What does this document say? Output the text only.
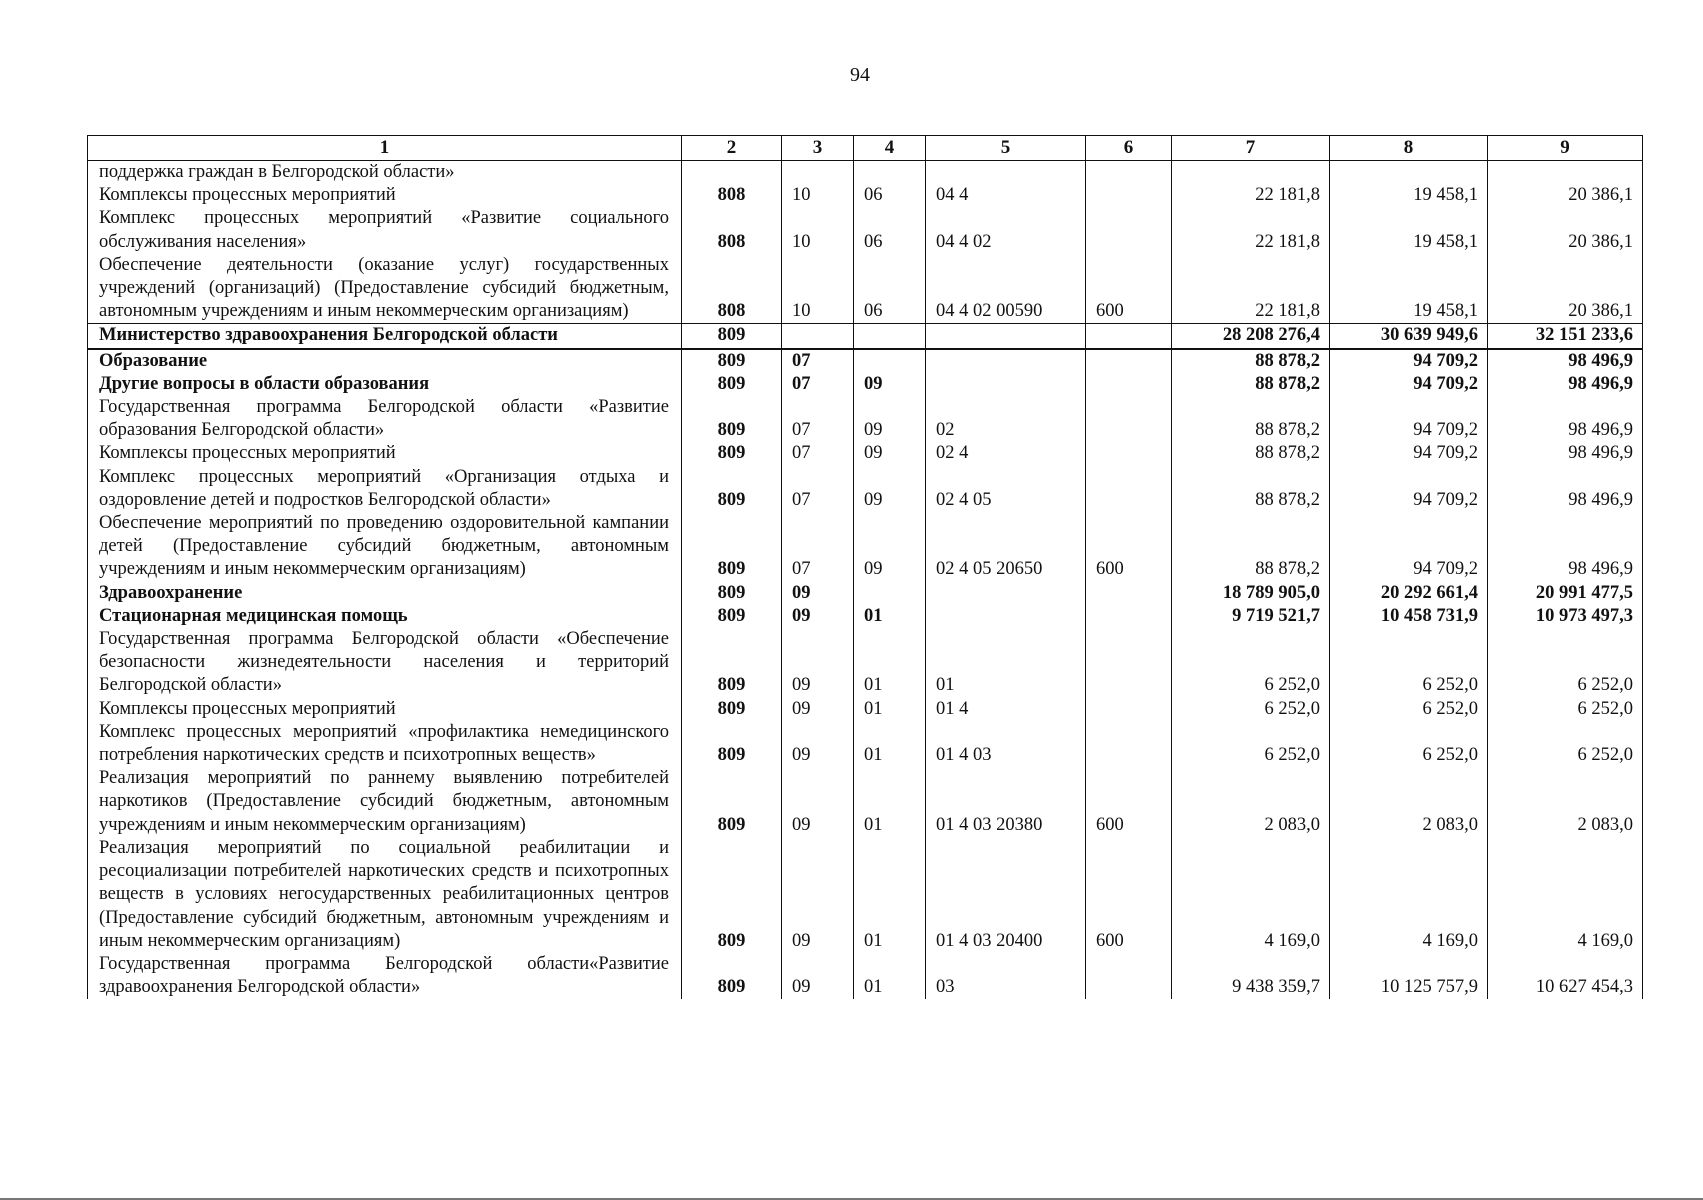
94
1	2	3	4	5	6	7	8	9
поддержка граждан в Белгородской области»								
Комплексы процессных мероприятий	808	10	06	04 4		22 181,8	19 458,1	20 386,1
Комплекс процессных мероприятий «Развитие социального обслуживания населения»	808	10	06	04 4 02		22 181,8	19 458,1	20 386,1
Обеспечение деятельности (оказание услуг) государственных учреждений (организаций) (Предоставление субсидий бюджетным, автономным учреждениям и иным некоммерческим организациям)	808	10	06	04 4 02 00590	600	22 181,8	19 458,1	20 386,1
Министерство здравоохранения Белгородской области	809					28 208 276,4	30 639 949,6	32 151 233,6
Образование	809	07				88 878,2	94 709,2	98 496,9
Другие вопросы в области образования	809	07	09			88 878,2	94 709,2	98 496,9
Государственная программа Белгородской области «Развитие образования Белгородской области»	809	07	09	02		88 878,2	94 709,2	98 496,9
Комплексы процессных мероприятий	809	07	09	02 4		88 878,2	94 709,2	98 496,9
Комплекс процессных мероприятий «Организация отдыха и оздоровление детей и подростков Белгородской области»	809	07	09	02 4 05		88 878,2	94 709,2	98 496,9
Обеспечение мероприятий по проведению оздоровительной кампании детей (Предоставление субсидий бюджетным, автономным учреждениям и иным некоммерческим организациям)	809	07	09	02 4 05 20650	600	88 878,2	94 709,2	98 496,9
Здравоохранение	809	09				18 789 905,0	20 292 661,4	20 991 477,5
Стационарная медицинская помощь	809	09	01			9 719 521,7	10 458 731,9	10 973 497,3
Государственная программа Белгородской области «Обеспечение безопасности жизнедеятельности населения и территорий Белгородской области»	809	09	01	01		6 252,0	6 252,0	6 252,0
Комплексы процессных мероприятий	809	09	01	01 4		6 252,0	6 252,0	6 252,0
Комплекс процессных мероприятий «профилактика немедицинского потребления наркотических средств и психотропных веществ»	809	09	01	01 4 03		6 252,0	6 252,0	6 252,0
Реализация мероприятий по раннему выявлению потребителей наркотиков (Предоставление субсидий бюджетным, автономным учреждениям и иным некоммерческим организациям)	809	09	01	01 4 03 20380	600	2 083,0	2 083,0	2 083,0
Реализация мероприятий по социальной реабилитации и ресоциализации потребителей наркотических средств и психотропных веществ в условиях негосударственных реабилитационных центров (Предоставление субсидий бюджетным, автономным учреждениям и иным некоммерческим организациям)	809	09	01	01 4 03 20400	600	4 169,0	4 169,0	4 169,0
Государственная программа Белгородской области«Развитие здравоохранения Белгородской области»	809	09	01	03		9 438 359,7	10 125 757,9	10 627 454,3
